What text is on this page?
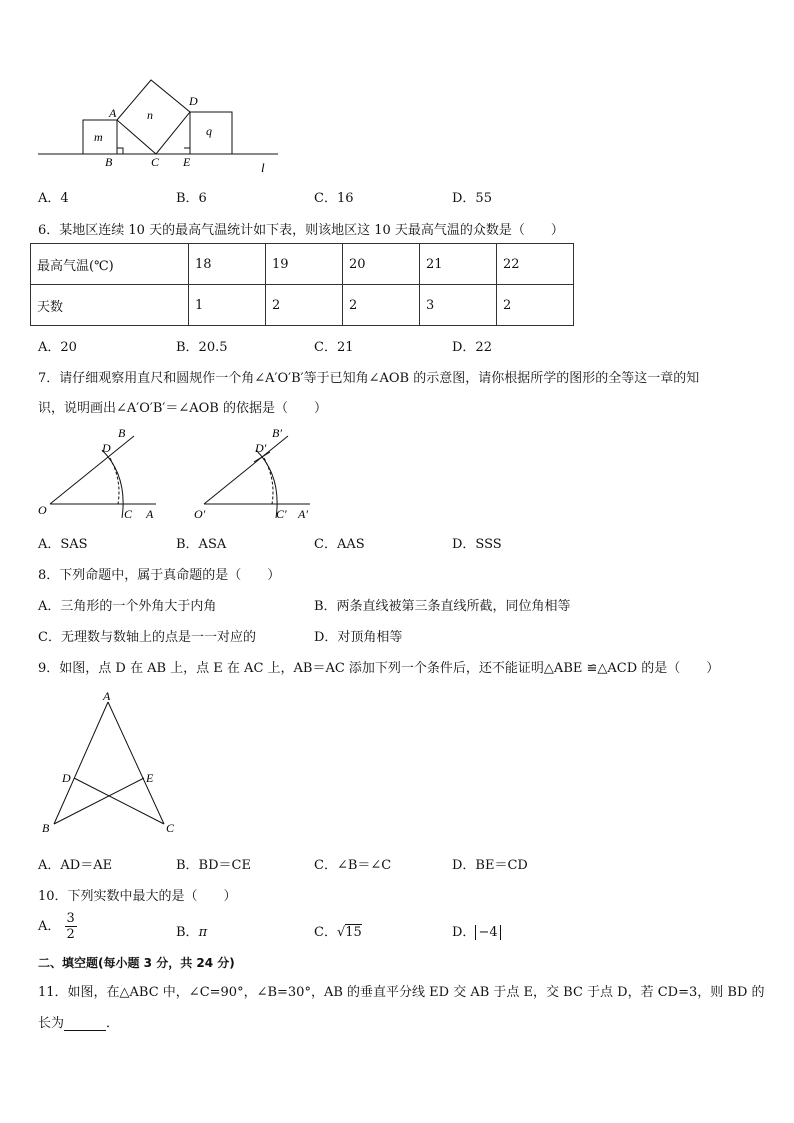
A
B	C
D
E
m
n
q
l
A．4	B．6	C．16	D．55
6．某地区连续 10 天的最高气温统计如下表，则该地区这 10 天最高气温的众数是（　　）
最高气温(℃)	18	19	20	21	22
天数	1	2	2	3	2
A．20	B．20.5	C．21	D．22
7．请仔细观察用直尺和圆规作一个角∠A′O′B′等于已知角∠AOB 的示意图，请你根据所学的图形的全等这一章的知
识，说明画出∠A′O′B′＝∠AOB 的依据是（　　）
O	C A
B
D
O′	C′ A′
B′
D′
A．SAS	B．ASA	C．AAS	D．SSS
8．下列命题中，属于真命题的是（　　）
A．三角形的一个外角大于内角	B．两条直线被第三条直线所截，同位角相等
C．无理数与数轴上的点是一一对应的	D．对顶角相等
9．如图，点 D 在 AB 上，点 E 在 AC 上，AB＝AC 添加下列一个条件后，还不能证明△ABE ≌△ACD 的是（　　）
A
B	C
D	E
A．AD＝AE	B．BD＝CE	C．∠B＝∠C	D．BE＝CD
10．下列实数中最大的是（　　）
A． $\frac{3}{2}$	B．π	C．√15	D． −4
二、填空题(每小题 3 分，共 24 分)
11．如图，在△ABC 中，∠C=90°，∠B=30°，AB 的垂直平分线 ED 交 AB 于点 E，交 BC 于点 D，若 CD=3，则 BD 的
长为	．
